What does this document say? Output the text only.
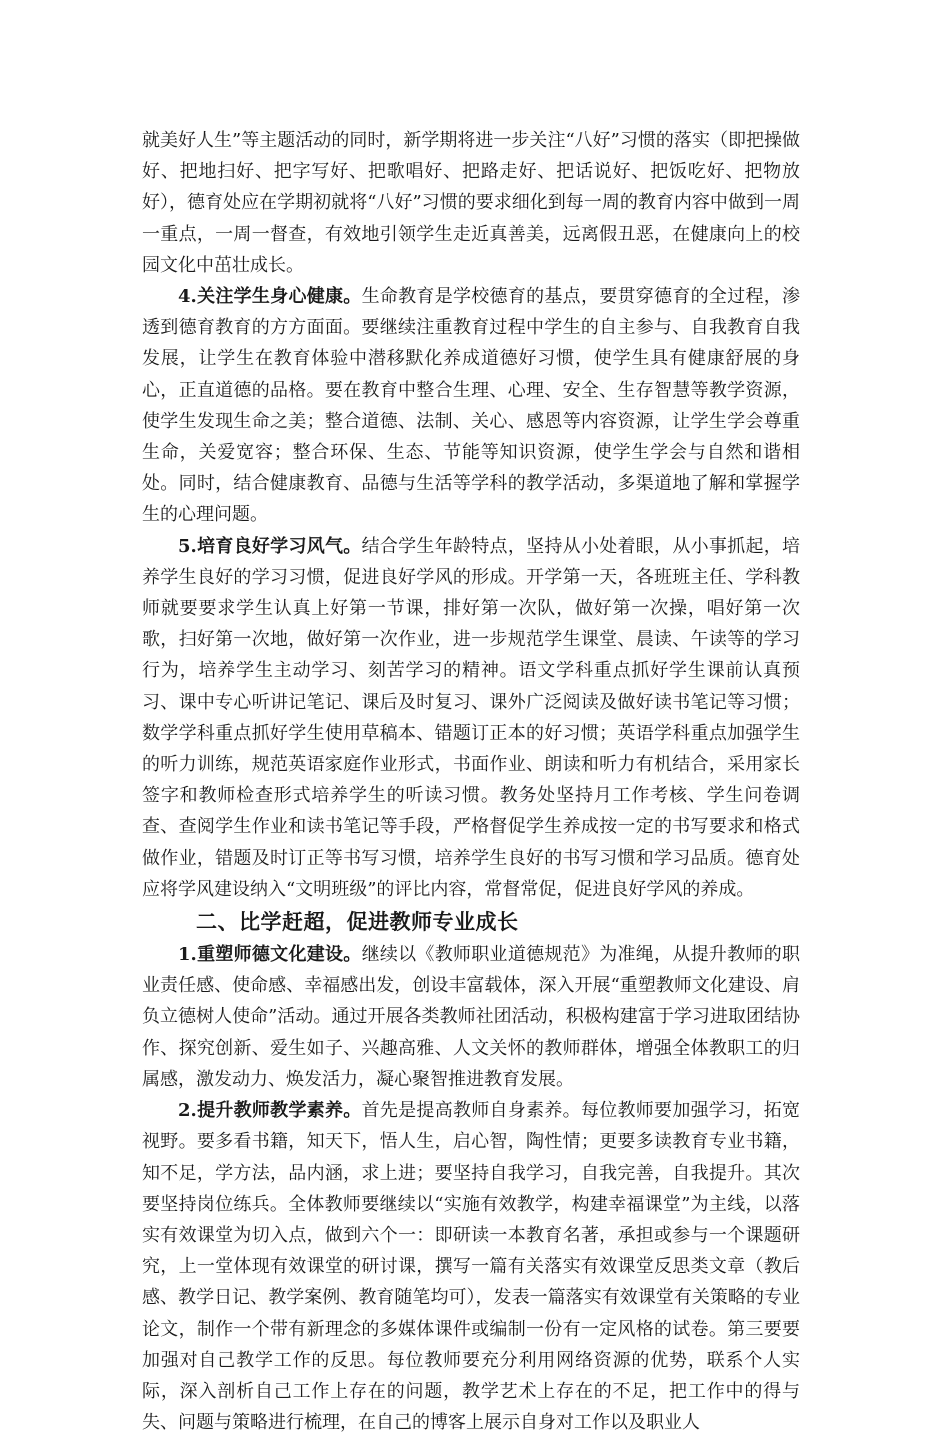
就美好人生”等主题活动的同时，新学期将进一步关注“八好”习惯的落实（即把操做好、把地扫好、把字写好、把歌唱好、把路走好、把话说好、把饭吃好、把物放好），德育处应在学期初就将“八好”习惯的要求细化到每一周的教育内容中做到一周一重点，一周一督查，有效地引领学生走近真善美，远离假丑恶，在健康向上的校园文化中茁壮成长。

4.关注学生身心健康。生命教育是学校德育的基点，要贯穿德育的全过程，渗透到德育教育的方方面面。要继续注重教育过程中学生的自主参与、自我教育自我发展，让学生在教育体验中潜移默化养成道德好习惯，使学生具有健康舒展的身心，正直道德的品格。要在教育中整合生理、心理、安全、生存智慧等教学资源，使学生发现生命之美；整合道德、法制、关心、感恩等内容资源，让学生学会尊重生命，关爱宽容；整合环保、生态、节能等知识资源，使学生学会与自然和谐相处。同时，结合健康教育、品德与生活等学科的教学活动，多渠道地了解和掌握学生的心理问题。

5.培育良好学习风气。结合学生年龄特点，坚持从小处着眼，从小事抓起，培养学生良好的学习习惯，促进良好学风的形成。开学第一天，各班班主任、学科教师就要要求学生认真上好第一节课，排好第一次队，做好第一次操，唱好第一次歌，扫好第一次地，做好第一次作业，进一步规范学生课堂、晨读、午读等的学习行为，培养学生主动学习、刻苦学习的精神。语文学科重点抓好学生课前认真预习、课中专心听讲记笔记、课后及时复习、课外广泛阅读及做好读书笔记等习惯；数学学科重点抓好学生使用草稿本、错题订正本的好习惯；英语学科重点加强学生的听力训练，规范英语家庭作业形式，书面作业、朗读和听力有机结合，采用家长签字和教师检查形式培养学生的听读习惯。教务处坚持月工作考核、学生问卷调查、查阅学生作业和读书笔记等手段，严格督促学生养成按一定的书写要求和格式做作业，错题及时订正等书写习惯，培养学生良好的书写习惯和学习品质。德育处应将学风建设纳入“文明班级”的评比内容，常督常促，促进良好学风的养成。

二、比学赶超，促进教师专业成长

1.重塑师德文化建设。继续以《教师职业道德规范》为准绳，从提升教师的职业责任感、使命感、幸福感出发，创设丰富载体，深入开展“重塑教师文化建设、肩负立德树人使命”活动。通过开展各类教师社团活动，积极构建富于学习进取团结协作、探究创新、爱生如子、兴趣高雅、人文关怀的教师群体，增强全体教职工的归属感，激发动力、焕发活力，凝心聚智推进教育发展。

2.提升教师教学素养。首先是提高教师自身素养。每位教师要加强学习，拓宽视野。要多看书籍，知天下，悟人生，启心智，陶性情；更要多读教育专业书籍，知不足，学方法，品内涵，求上进；要坚持自我学习，自我完善，自我提升。其次要坚持岗位练兵。全体教师要继续以“实施有效教学，构建幸福课堂”为主线，以落实有效课堂为切入点，做到六个一：即研读一本教育名著，承担或参与一个课题研究，上一堂体现有效课堂的研讨课，撰写一篇有关落实有效课堂反思类文章（教后感、教学日记、教学案例、教育随笔均可），发表一篇落实有效课堂有关策略的专业论文，制作一个带有新理念的多媒体课件或编制一份有一定风格的试卷。第三要要加强对自己教学工作的反思。每位教师要充分利用网络资源的优势，联系个人实际，深入剖析自己工作上存在的问题，教学艺术上存在的不足，把工作中的得与失、问题与策略进行梳理，在自己的博客上展示自身对工作以及职业人
